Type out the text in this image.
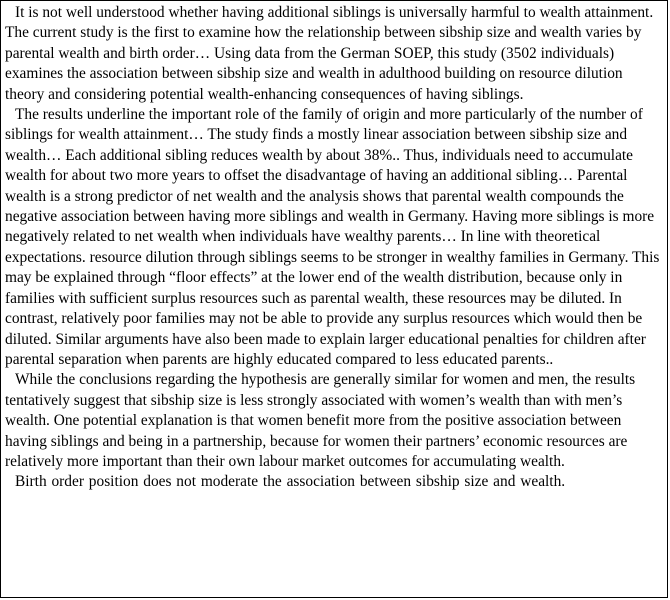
It is not well understood whether having additional siblings is universally harmful to wealth attainment. The current study is the first to examine how the relationship between sibship size and wealth varies by parental wealth and birth order… Using data from the German SOEP, this study (3502 individuals) examines the association between sibship size and wealth in adulthood building on resource dilution theory and considering potential wealth-enhancing consequences of having siblings.

The results underline the important role of the family of origin and more particularly of the number of siblings for wealth attainment… The study finds a mostly linear association between sibship size and wealth… Each additional sibling reduces wealth by about 38%.. Thus, individuals need to accumulate wealth for about two more years to offset the disadvantage of having an additional sibling… Parental wealth is a strong predictor of net wealth and the analysis shows that parental wealth compounds the negative association between having more siblings and wealth in Germany. Having more siblings is more negatively related to net wealth when individuals have wealthy parents… In line with theoretical expectations. resource dilution through siblings seems to be stronger in wealthy families in Germany. This may be explained through “floor effects” at the lower end of the wealth distribution, because only in families with sufficient surplus resources such as parental wealth, these resources may be diluted. In contrast, relatively poor families may not be able to provide any surplus resources which would then be diluted. Similar arguments have also been made to explain larger educational penalties for children after parental separation when parents are highly educated compared to less educated parents..

While the conclusions regarding the hypothesis are generally similar for women and men, the results tentatively suggest that sibship size is less strongly associated with women’s wealth than with men’s wealth. One potential explanation is that women benefit more from the positive association between having siblings and being in a partnership, because for women their partners’ economic resources are relatively more important than their own labour market outcomes for accumulating wealth.

Birth order position does not moderate the association between sibship size and wealth.
